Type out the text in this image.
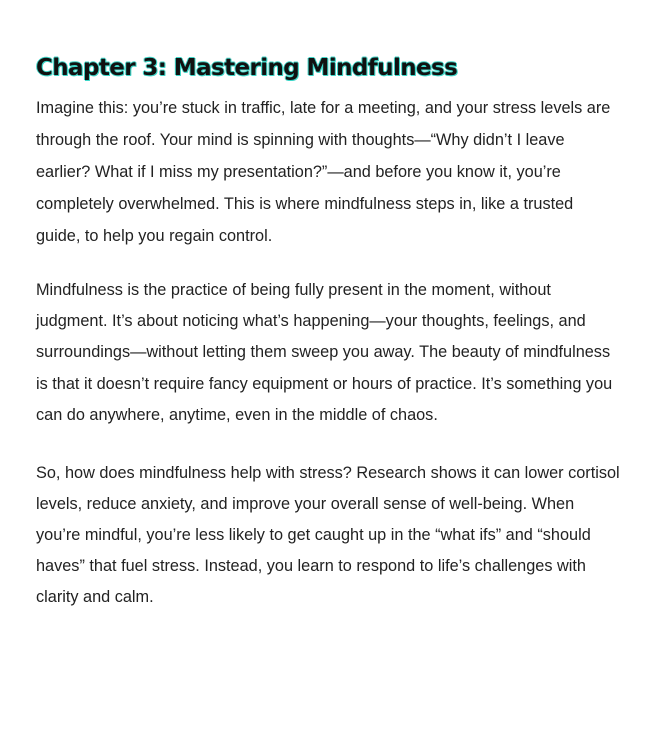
Chapter 3: Mastering Mindfulness

Imagine this: you’re stuck in traffic, late for a meeting, and your stress levels are through the roof. Your mind is spinning with thoughts—“Why didn’t I leave earlier? What if I miss my presentation?”—and before you know it, you’re completely overwhelmed. This is where mindfulness steps in, like a trusted guide, to help you regain control.

Mindfulness is the practice of being fully present in the moment, without judgment. It’s about noticing what’s happening—your thoughts, feelings, and surroundings—without letting them sweep you away. The beauty of mindfulness is that it doesn’t require fancy equipment or hours of practice. It’s something you can do anywhere, anytime, even in the middle of chaos.

So, how does mindfulness help with stress? Research shows it can lower cortisol levels, reduce anxiety, and improve your overall sense of well-being. When you’re mindful, you’re less likely to get caught up in the “what ifs” and “should haves” that fuel stress. Instead, you learn to respond to life’s challenges with clarity and calm.
